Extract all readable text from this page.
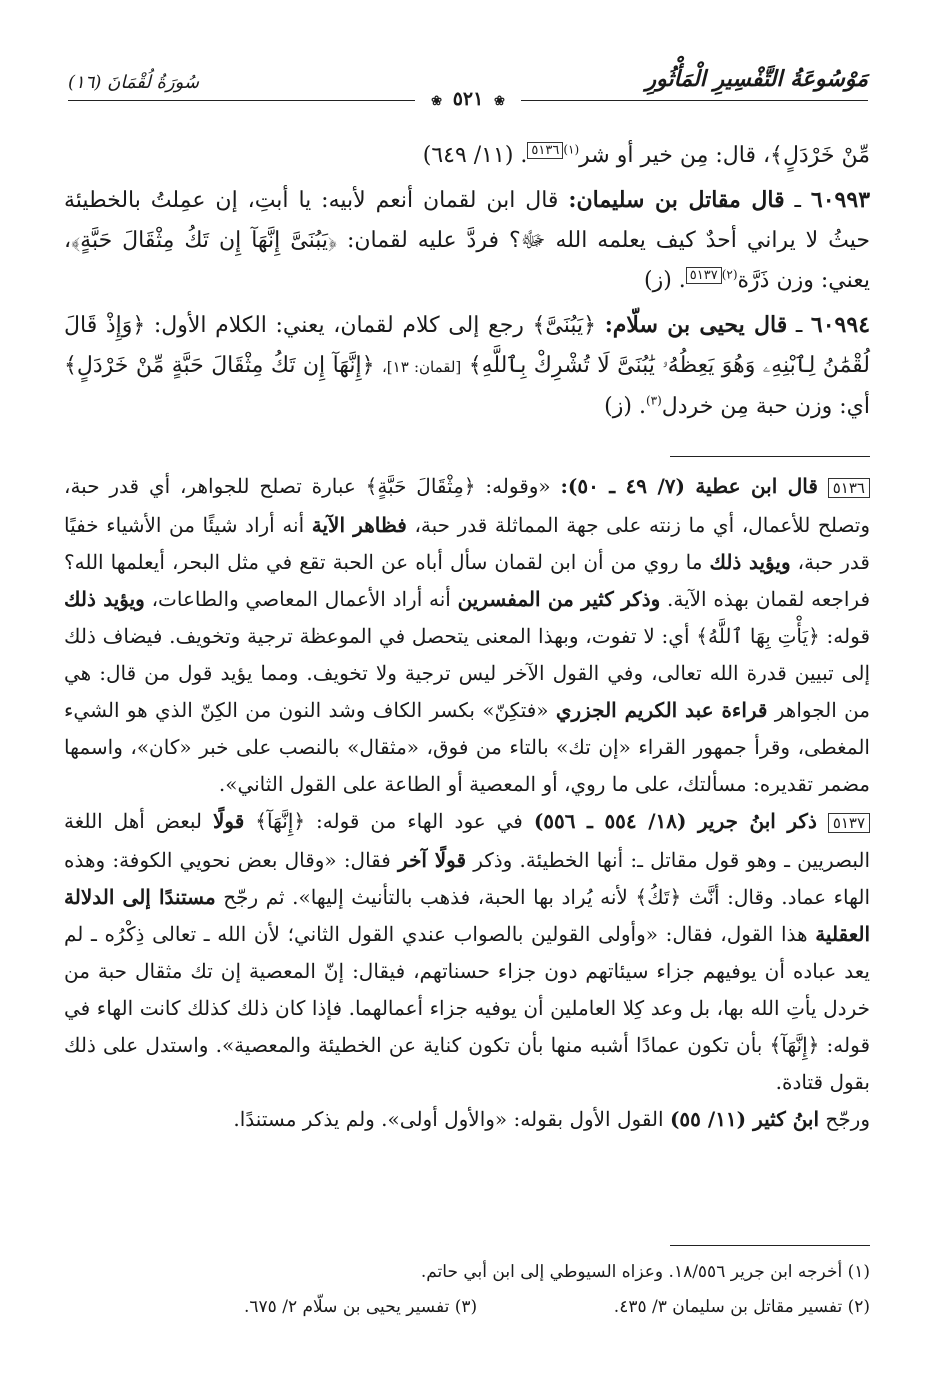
مَوْسُوعَةُ التَّفْسِيرِ الْمَأْثُورِ
سُورَةُ لُقْمَانَ (١٦)
❀ ٥٢١ ❀

مِّنْ خَرْدَلٍ﴾، قال: مِن خير أو شر$^{(١)٥١٣٦}$. (١١/ ٦٤٩)

٦٠٩٩٣ ـ قال مقاتل بن سليمان: قال ابن لقمان أنعم لأبيه: يا أبتِ، إن عمِلتُ بالخطيئة حيثُ لا يراني أحدٌ كيف يعلمه الله ﷻ؟ فردَّ عليه لقمان: ﴿يَبُنَىَّ إِنَّهَآ إِن تَكُ مِثْقَالَ حَبَّةٍ﴾، يعني: وزن ذَرَّة$^{(٢)٥١٣٧}$. (ز)

٦٠٩٩٤ ـ قال يحيى بن سلّام: ﴿يَبُنَىَّ﴾ رجع إلى كلام لقمان، يعني: الكلام الأول: ﴿وَإِذْ قَالَ لُقْمَٰنُ لِٱبْنِهِۦ وَهُوَ يَعِظُهُۥ يَٰبُنَىَّ لَا تُشْرِكْ بِٱللَّهِ﴾ [لقمان: ١٣]، ﴿إِنَّهَآ إِن تَكُ مِثْقَالَ حَبَّةٍ مِّنْ خَرْدَلٍ﴾ أي: وزن حبة مِن خردل$^{(٣)}$. (ز)

٥١٣٦ قال ابن عطية (٧/ ٤٩ ـ ٥٠): «وقوله: ﴿مِثْقَالَ حَبَّةٍ﴾ عبارة تصلح للجواهر، أي قدر حبة، وتصلح للأعمال، أي ما زنته على جهة المماثلة قدر حبة، فظاهر الآية أنه أراد شيئًا من الأشياء خفيًا قدر حبة، ويؤيد ذلك ما روي من أن ابن لقمان سأل أباه عن الحبة تقع في مثل البحر، أيعلمها الله؟ فراجعه لقمان بهذه الآية. وذكر كثير من المفسرين أنه أراد الأعمال المعاصي والطاعات، ويؤيد ذلك قوله: ﴿يَأْتِ بِهَا ٱللَّهُ﴾ أي: لا تفوت، وبهذا المعنى يتحصل في الموعظة ترجية وتخويف. فيضاف ذلك إلى تبيين قدرة الله تعالى، وفي القول الآخر ليس ترجية ولا تخويف. ومما يؤيد قول من قال: هي من الجواهر قراءة عبد الكريم الجزري «فتكِنّ» بكسر الكاف وشد النون من الكِنّ الذي هو الشيء المغطى، وقرأ جمهور القراء «إن تك» بالتاء من فوق، «مثقال» بالنصب على خبر «كان»، واسمها مضمر تقديره: مسألتك، على ما روي، أو المعصية أو الطاعة على القول الثاني».

٥١٣٧ ذكر ابنُ جرير (١٨/ ٥٥٤ ـ ٥٥٦) في عود الهاء من قوله: ﴿إِنَّهَآ﴾ قولًا لبعض أهل اللغة البصريين ـ وهو قول مقاتل ـ: أنها الخطيئة. وذكر قولًا آخر فقال: «وقال بعض نحويي الكوفة: وهذه الهاء عماد. وقال: أنَّث ﴿تَكُ﴾ لأنه يُراد بها الحبة، فذهب بالتأنيث إليها». ثم رجّح مستندًا إلى الدلالة العقلية هذا القول، فقال: «وأولى القولين بالصواب عندي القول الثاني؛ لأن الله ـ تعالى ذِكْرُه ـ لم يعد عباده أن يوفيهم جزاء سيئاتهم دون جزاء حسناتهم، فيقال: إنّ المعصية إن تك مثقال حبة من خردل يأتِ الله بها، بل وعد كِلا العاملين أن يوفيه جزاء أعمالهما. فإذا كان ذلك كذلك كانت الهاء في قوله: ﴿إِنَّهَآ﴾ بأن تكون عمادًا أشبه منها بأن تكون كناية عن الخطيئة والمعصية». واستدل على ذلك بقول قتادة.

ورجّح ابنُ كثير (١١/ ٥٥) القول الأول بقوله: «والأول أولى». ولم يذكر مستندًا.

(١) أخرجه ابن جرير ١٨/٥٥٦. وعزاه السيوطي إلى ابن أبي حاتم.
(٢) تفسير مقاتل بن سليمان ٣/ ٤٣٥.
(٣) تفسير يحيى بن سلّام ٢/ ٦٧٥.
